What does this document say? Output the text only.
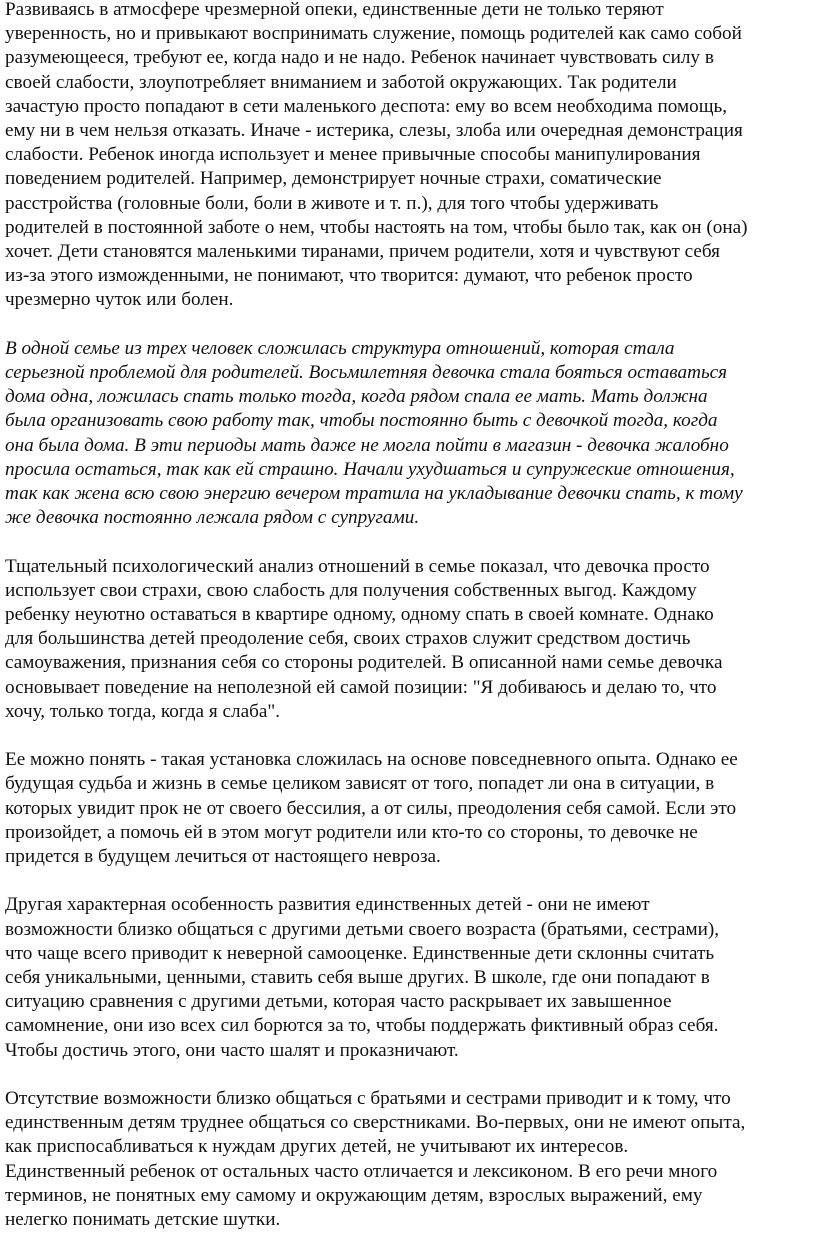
Развиваясь в атмосфере чрезмерной опеки, единственные дети не только теряют
уверенность, но и привыкают воспринимать служение, помощь родителей как само собой
разумеющееся, требуют ее, когда надо и не надо. Ребенок начинает чувствовать силу в
своей слабости, злоупотребляет вниманием и заботой окружающих. Так родители
зачастую просто попадают в сети маленького деспота: ему во всем необходима помощь,
ему ни в чем нельзя отказать. Иначе - истерика, слезы, злоба или очередная демонстрация
слабости. Ребенок иногда использует и менее привычные способы манипулирования
поведением родителей. Например, демонстрирует ночные страхи, соматические
расстройства (головные боли, боли в животе и т. п.), для того чтобы удерживать
родителей в постоянной заботе о нем, чтобы настоять на том, чтобы было так, как он (она)
хочет. Дети становятся маленькими тиранами, причем родители, хотя и чувствуют себя
из-за этого изможденными, не понимают, что творится: думают, что ребенок просто
чрезмерно чуток или болен.

В одной семье из трех человек сложилась структура отношений, которая стала
серьезной проблемой для родителей. Восьмилетняя девочка стала бояться оставаться
дома одна, ложилась спать только тогда, когда рядом спала ее мать. Мать должна
была организовать свою работу так, чтобы постоянно быть с девочкой тогда, когда
она была дома. В эти периоды мать даже не могла пойти в магазин - девочка жалобно
просила остаться, так как ей страшно. Начали ухудшаться и супружеские отношения,
так как жена всю свою энергию вечером тратила на укладывание девочки спать, к тому
же девочка постоянно лежала рядом с супругами.

Тщательный психологический анализ отношений в семье показал, что девочка просто
использует свои страхи, свою слабость для получения собственных выгод. Каждому
ребенку неуютно оставаться в квартире одному, одному спать в своей комнате. Однако
для большинства детей преодоление себя, своих страхов служит средством достичь
самоуважения, признания себя со стороны родителей. В описанной нами семье девочка
основывает поведение на неполезной ей самой позиции: "Я добиваюсь и делаю то, что
хочу, только тогда, когда я слаба".

Ее можно понять - такая установка сложилась на основе повседневного опыта. Однако ее
будущая судьба и жизнь в семье целиком зависят от того, попадет ли она в ситуации, в
которых увидит прок не от своего бессилия, а от силы, преодоления себя самой. Если это
произойдет, а помочь ей в этом могут родители или кто-то со стороны, то девочке не
придется в будущем лечиться от настоящего невроза.

Другая характерная особенность развития единственных детей - они не имеют
возможности близко общаться с другими детьми своего возраста (братьями, сестрами),
что чаще всего приводит к неверной самооценке. Единственные дети склонны считать
себя уникальными, ценными, ставить себя выше других. В школе, где они попадают в
ситуацию сравнения с другими детьми, которая часто раскрывает их завышенное
самомнение, они изо всех сил борются за то, чтобы поддержать фиктивный образ себя.
Чтобы достичь этого, они часто шалят и проказничают.

Отсутствие возможности близко общаться с братьями и сестрами приводит и к тому, что
единственным детям труднее общаться со сверстниками. Во-первых, они не имеют опыта,
как приспосабливаться к нуждам других детей, не учитывают их интересов.
Единственный ребенок от остальных часто отличается и лексиконом. В его речи много
терминов, не понятных ему самому и окружающим детям, взрослых выражений, ему
нелегко понимать детские шутки.
